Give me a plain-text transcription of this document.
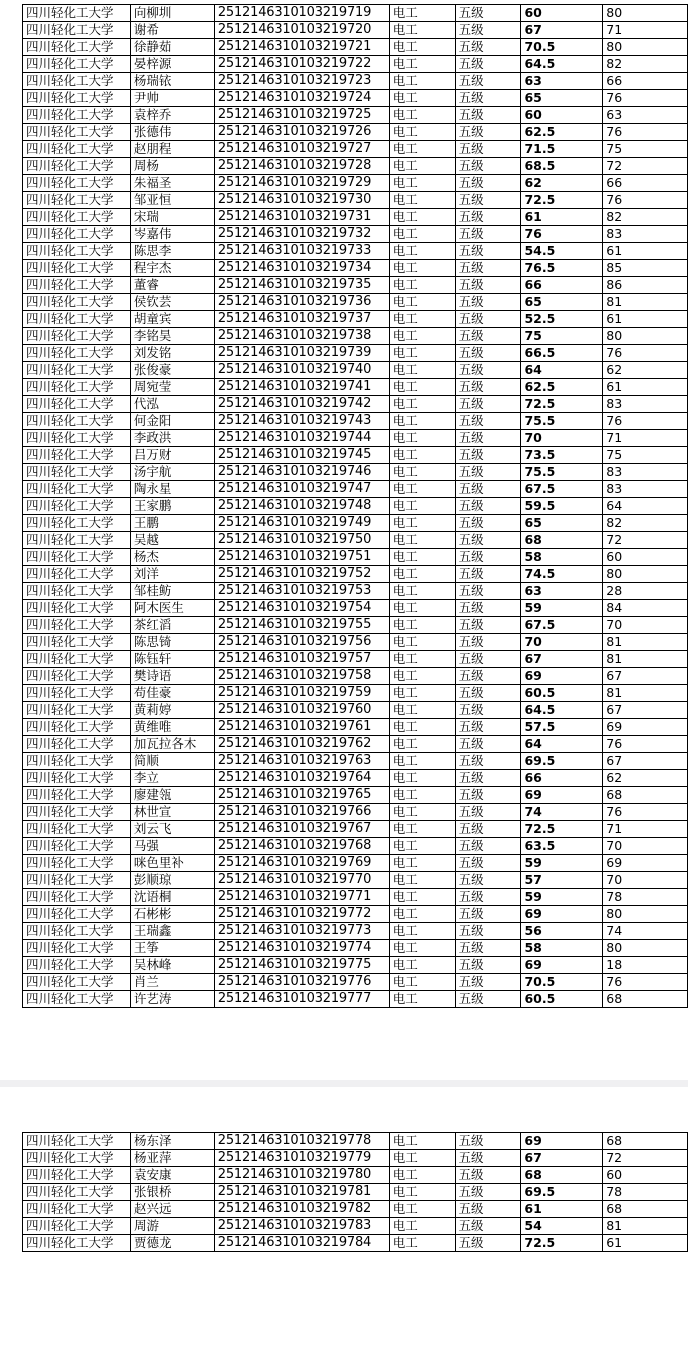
四川轻化工大学	向柳圳	2512146310103219719	电工	五级	60	80
四川轻化工大学	谢希	2512146310103219720	电工	五级	67	71
四川轻化工大学	徐静茹	2512146310103219721	电工	五级	70.5	80
四川轻化工大学	晏梓源	2512146310103219722	电工	五级	64.5	82
四川轻化工大学	杨瑞铱	2512146310103219723	电工	五级	63	66
四川轻化工大学	尹帅	2512146310103219724	电工	五级	65	76
四川轻化工大学	袁梓乔	2512146310103219725	电工	五级	60	63
四川轻化工大学	张德伟	2512146310103219726	电工	五级	62.5	76
四川轻化工大学	赵朋程	2512146310103219727	电工	五级	71.5	75
四川轻化工大学	周杨	2512146310103219728	电工	五级	68.5	72
四川轻化工大学	朱福圣	2512146310103219729	电工	五级	62	66
四川轻化工大学	邹亚恒	2512146310103219730	电工	五级	72.5	76
四川轻化工大学	宋瑞	2512146310103219731	电工	五级	61	82
四川轻化工大学	岑嘉伟	2512146310103219732	电工	五级	76	83
四川轻化工大学	陈思李	2512146310103219733	电工	五级	54.5	61
四川轻化工大学	程宇杰	2512146310103219734	电工	五级	76.5	85
四川轻化工大学	董睿	2512146310103219735	电工	五级	66	86
四川轻化工大学	侯钦芸	2512146310103219736	电工	五级	65	81
四川轻化工大学	胡童宾	2512146310103219737	电工	五级	52.5	61
四川轻化工大学	李铭昊	2512146310103219738	电工	五级	75	80
四川轻化工大学	刘发铭	2512146310103219739	电工	五级	66.5	76
四川轻化工大学	张俊豪	2512146310103219740	电工	五级	64	62
四川轻化工大学	周宛莹	2512146310103219741	电工	五级	62.5	61
四川轻化工大学	代泓	2512146310103219742	电工	五级	72.5	83
四川轻化工大学	何金阳	2512146310103219743	电工	五级	75.5	76
四川轻化工大学	李政洪	2512146310103219744	电工	五级	70	71
四川轻化工大学	吕万财	2512146310103219745	电工	五级	73.5	75
四川轻化工大学	汤宇航	2512146310103219746	电工	五级	75.5	83
四川轻化工大学	陶永星	2512146310103219747	电工	五级	67.5	83
四川轻化工大学	王家鹏	2512146310103219748	电工	五级	59.5	64
四川轻化工大学	王鹏	2512146310103219749	电工	五级	65	82
四川轻化工大学	吴越	2512146310103219750	电工	五级	68	72
四川轻化工大学	杨杰	2512146310103219751	电工	五级	58	60
四川轻化工大学	刘洋	2512146310103219752	电工	五级	74.5	80
四川轻化工大学	邹桂鲂	2512146310103219753	电工	五级	63	28
四川轻化工大学	阿木医生	2512146310103219754	电工	五级	59	84
四川轻化工大学	茶红滔	2512146310103219755	电工	五级	67.5	70
四川轻化工大学	陈思锜	2512146310103219756	电工	五级	70	81
四川轻化工大学	陈钰轩	2512146310103219757	电工	五级	67	81
四川轻化工大学	樊诗语	2512146310103219758	电工	五级	69	67
四川轻化工大学	苟佳豪	2512146310103219759	电工	五级	60.5	81
四川轻化工大学	黄莉婷	2512146310103219760	电工	五级	64.5	67
四川轻化工大学	黄维唯	2512146310103219761	电工	五级	57.5	69
四川轻化工大学	加瓦拉各木	2512146310103219762	电工	五级	64	76
四川轻化工大学	简顺	2512146310103219763	电工	五级	69.5	67
四川轻化工大学	李立	2512146310103219764	电工	五级	66	62
四川轻化工大学	廖建瓴	2512146310103219765	电工	五级	69	68
四川轻化工大学	林世宣	2512146310103219766	电工	五级	74	76
四川轻化工大学	刘云飞	2512146310103219767	电工	五级	72.5	71
四川轻化工大学	马强	2512146310103219768	电工	五级	63.5	70
四川轻化工大学	咪色里补	2512146310103219769	电工	五级	59	69
四川轻化工大学	彭顺琼	2512146310103219770	电工	五级	57	70
四川轻化工大学	沈语桐	2512146310103219771	电工	五级	59	78
四川轻化工大学	石彬彬	2512146310103219772	电工	五级	69	80
四川轻化工大学	王瑞鑫	2512146310103219773	电工	五级	56	74
四川轻化工大学	王筝	2512146310103219774	电工	五级	58	80
四川轻化工大学	吴林峰	2512146310103219775	电工	五级	69	18
四川轻化工大学	肖兰	2512146310103219776	电工	五级	70.5	76
四川轻化工大学	许艺涛	2512146310103219777	电工	五级	60.5	68
四川轻化工大学	杨东泽	2512146310103219778	电工	五级	69	68
四川轻化工大学	杨亚萍	2512146310103219779	电工	五级	67	72
四川轻化工大学	袁安康	2512146310103219780	电工	五级	68	60
四川轻化工大学	张银桥	2512146310103219781	电工	五级	69.5	78
四川轻化工大学	赵兴远	2512146310103219782	电工	五级	61	68
四川轻化工大学	周游	2512146310103219783	电工	五级	54	81
四川轻化工大学	贾德龙	2512146310103219784	电工	五级	72.5	61
